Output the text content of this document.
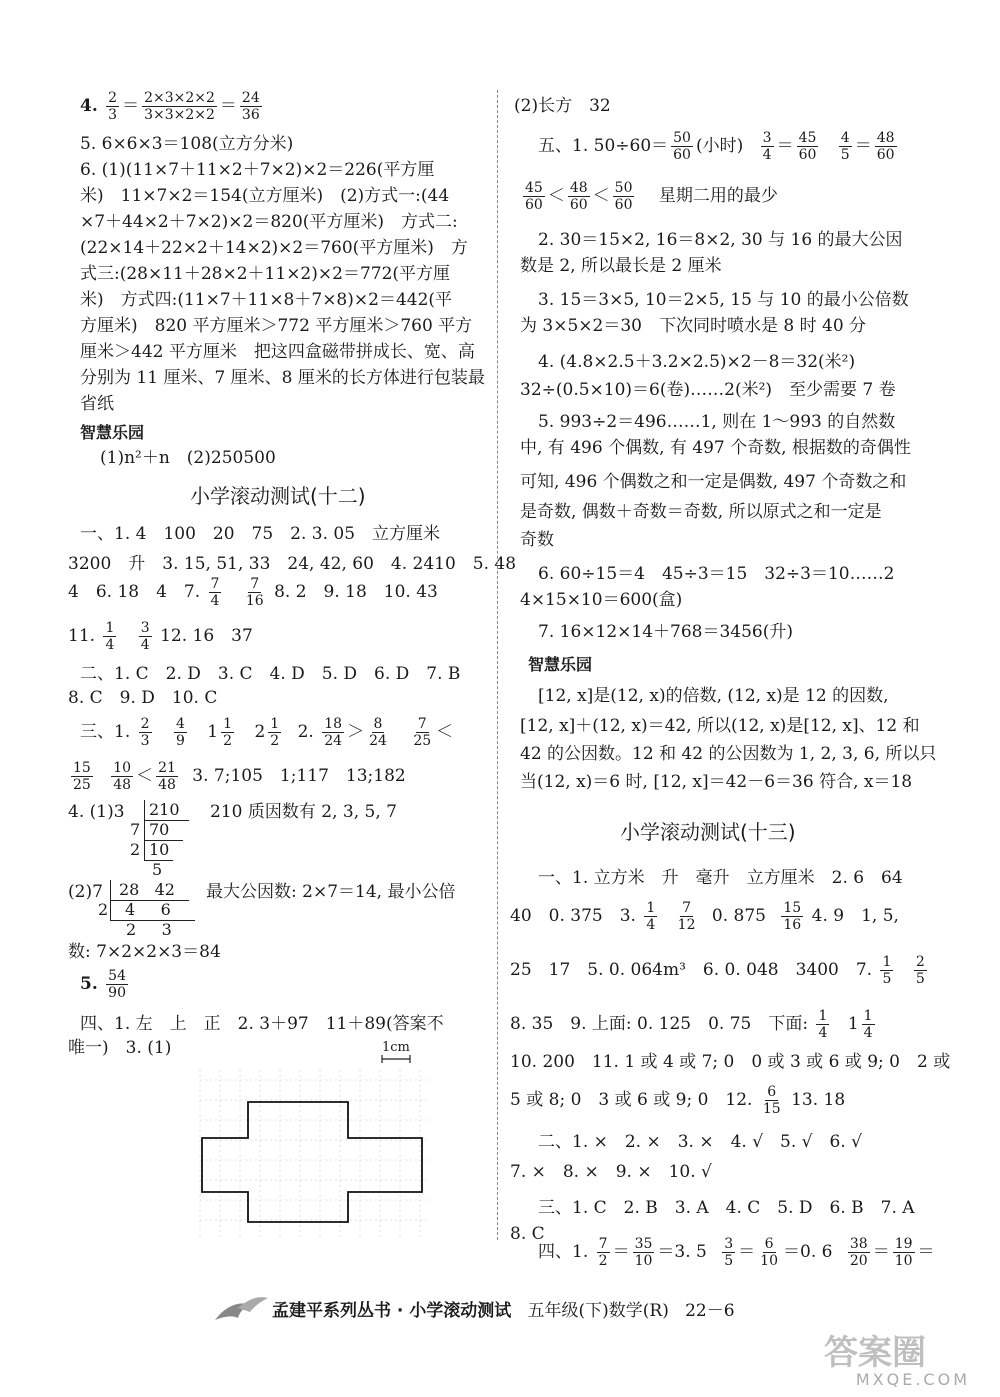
4. $\frac{2}{3} = \frac{2\times 3\times 2\times 2}{3\times 3\times 2\times 2} = \frac{24}{36}$
5. 6×6×3＝108(立方分米)
6. (1)(11×7＋11×2＋7×2)×2＝226(平方厘
米)　11×7×2＝154(立方厘米)　(2)方式一:(44
×7＋44×2＋7×2)×2＝820(平方厘米)　方式二:
(22×14＋22×2＋14×2)×2＝760(平方厘米)　方
式三:(28×11＋28×2＋11×2)×2＝772(平方厘
米)　方式四:(11×7＋11×8＋7×8)×2＝442(平
方厘米)　820 平方厘米＞772 平方厘米＞760 平方
厘米＞442 平方厘米　把这四盒磁带拼成长、宽、高
分别为 11 厘米、7 厘米、8 厘米的长方体进行包装最
省纸
智慧乐园
(1)n²＋n　(2)250500
小学滚动测试(十二)
一、1. 4　100　20　75　2. 3. 05　立方厘米
3200　升　3. 15, 51, 33　24, 42, 60　4. 2410　5. 48
4　6. 18　4　7. $\frac{7}{4}$
$\frac{7}{16} 8$. 2　9. 18　10. 43
11. $\frac{1}{4}$
$\frac{3}{4} 12$. 16　37
二、1. C　2. D　3. C　4. D　5. D　6. D　7. B
8. C　9. D　10. C
三、1. $\frac{2}{3}$
$\frac{4}{9} 1 \frac{1}{2} 2 \frac{1}{2} 2$. $\frac{18}{24} > \frac{8}{24}$
$\frac{7}{25}$ ＜
$\frac{15}{25}$
$\frac{10}{48} < \frac{21}{48} 3$. 7;105　1;117　13;182
4. (1)3	210	210 质因数有 2, 3, 5, 7
7 70
2 10
5
(2)7	28 42	最大公因数: 2×7＝14, 最小公倍
2	4 6
2 3
数: 7×2×2×3＝84
5. $\frac{54}{90}$
四、1. 左　上　正　2. 3＋97　11＋89(答案不
唯一)　3. (1)	1cm
(2)长方　32
五、1. $50\div 60= \frac{50}{60}$ (小时) $\frac{3}{4} = \frac{45}{60}$
$\frac{4}{5} = \frac{48}{60}$
$\frac{45}{60} < \frac{48}{60} < \frac{50}{60}$ 星期二用的最少
2. 30＝15×2, 16＝8×2, 30 与 16 的最大公因
数是 2, 所以最长是 2 厘米
3. 15＝3×5, 10＝2×5, 15 与 10 的最小公倍数
为 3×5×2＝30　下次同时喷水是 8 时 40 分
4. (4.8×2.5＋3.2×2.5)×2－8＝32(米²)
32÷(0.5×10)＝6(卷)……2(米²)　至少需要 7 卷
5. 993÷2＝496……1, 则在 1～993 的自然数
中, 有 496 个偶数, 有 497 个奇数, 根据数的奇偶性
可知, 496 个偶数之和一定是偶数, 497 个奇数之和
是奇数, 偶数＋奇数＝奇数, 所以原式之和一定是
奇数
6. 60÷15＝4　45÷3＝15　32÷3＝10……2
4×15×10＝600(盒)
7. 16×12×14＋768＝3456(升)
智慧乐园
[12, x]是(12, x)的倍数, (12, x)是 12 的因数,
[12, x]＋(12, x)＝42, 所以(12, x)是[12, x]、12 和
42 的公因数。12 和 42 的公因数为 1, 2, 3, 6, 所以只
当(12, x)＝6 时, [12, x]＝42－6＝36 符合, x＝18
小学滚动测试(十三)
一、1. 立方米　升　毫升　立方厘米　2. 6　64
40　0. 375　3. $\frac{1}{4}$
$\frac{7}{12} 0$. $875 \frac{15}{16} 4$. 9　1, 5,
25　17　5. 0. 064m³　6. 0. 048　3400　7. $\frac{1}{5}$
$\frac{2}{5}$
8. 35　9. 上面: 0. 125　0. 75　下面: $\frac{1}{4} 1 \frac{1}{4}$
10. 200　11. 1 或 4 或 7; 0　0 或 3 或 6 或 9; 0　2 或
5 或 8; 0　3 或 6 或 9; 0　12. $\frac{6}{15} 13$. 18
二、1. ×　2. ×　3. ×　4. √　5. √　6. √
7. ×　8. ×　9. ×　10. √
三、1. C　2. B　3. A　4. C　5. D　6. B　7. A
8. C
四、1. $\frac{7}{2} = \frac{35}{10} =3$. $5 \frac{3}{5} = \frac{6}{10} =0$. $6 \frac{38}{20} = \frac{19}{10}$ ＝
孟建平系列丛书 · 小学滚动测试 五年级(下)数学(R) 22－6
答案圈
MXQE.COM
